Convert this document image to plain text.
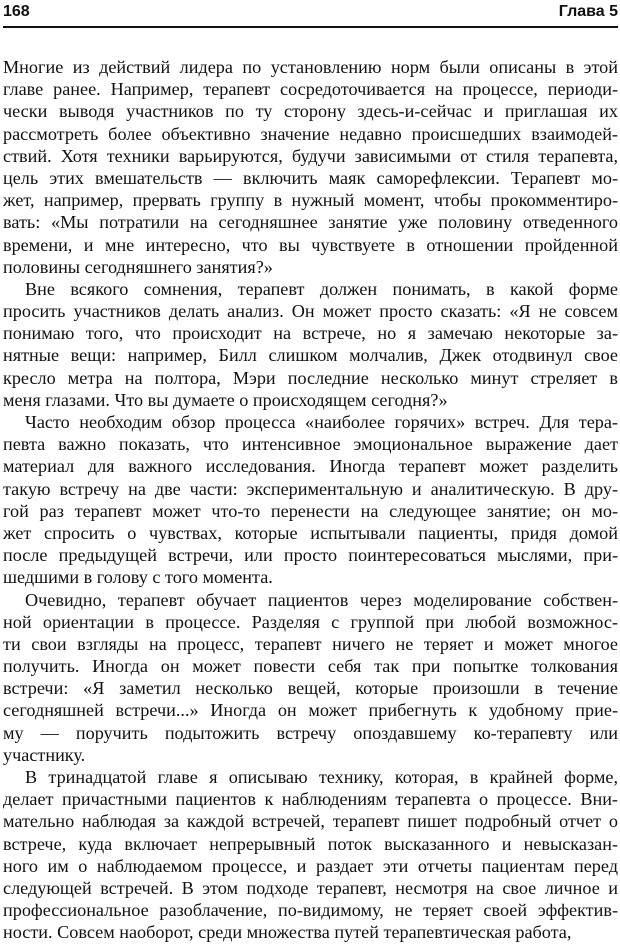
168	Глава 5
Многие из действий лидера по установлению норм были описаны в этой
главе ранее. Например, терапевт сосредоточивается на процессе, периоди-
чески выводя участников по ту сторону здесь-и-сейчас и приглашая их
рассмотреть более объективно значение недавно происшедших взаимодей-
ствий. Хотя техники варьируются, будучи зависимыми от стиля терапевта,
цель этих вмешательств — включить маяк саморефлексии. Терапевт мо-
жет, например, прервать группу в нужный момент, чтобы прокомментиро-
вать: «Мы потратили на сегодняшнее занятие уже половину отведенного
времени, и мне интересно, что вы чувствуете в отношении пройденной
половины сегодняшнего занятия?»
Вне всякого сомнения, терапевт должен понимать, в какой форме
просить участников делать анализ. Он может просто сказать: «Я не совсем
понимаю того, что происходит на встрече, но я замечаю некоторые за-
нятные вещи: например, Билл слишком молчалив, Джек отодвинул свое
кресло метра на полтора, Мэри последние несколько минут стреляет в
меня глазами. Что вы думаете о происходящем сегодня?»
Часто необходим обзор процесса «наиболее горячих» встреч. Для тера-
певта важно показать, что интенсивное эмоциональное выражение дает
материал для важного исследования. Иногда терапевт может разделить
такую встречу на две части: экспериментальную и аналитическую. В дру-
гой раз терапевт может что-то перенести на следующее занятие; он мо-
жет спросить о чувствах, которые испытывали пациенты, придя домой
после предыдущей встречи, или просто поинтересоваться мыслями, при-
шедшими в голову с того момента.
Очевидно, терапевт обучает пациентов через моделирование собствен-
ной ориентации в процессе. Разделяя с группой при любой возможнос-
ти свои взгляды на процесс, терапевт ничего не теряет и может многое
получить. Иногда он может повести себя так при попытке толкования
встречи: «Я заметил несколько вещей, которые произошли в течение
сегодняшней встречи...» Иногда он может прибегнуть к удобному прие-
му — поручить подытожить встречу опоздавшему ко-терапевту или
участнику.
В тринадцатой главе я описываю технику, которая, в крайней форме,
делает причастными пациентов к наблюдениям терапевта о процессе. Вни-
мательно наблюдая за каждой встречей, терапевт пишет подробный отчет о
встрече, куда включает непрерывный поток высказанного и невысказан-
ного им о наблюдаемом процессе, и раздает эти отчеты пациентам перед
следующей встречей. В этом подходе терапевт, несмотря на свое личное и
профессиональное разоблачение, по-видимому, не теряет своей эффектив-
ности. Совсем наоборот, среди множества путей терапевтическая работа,
